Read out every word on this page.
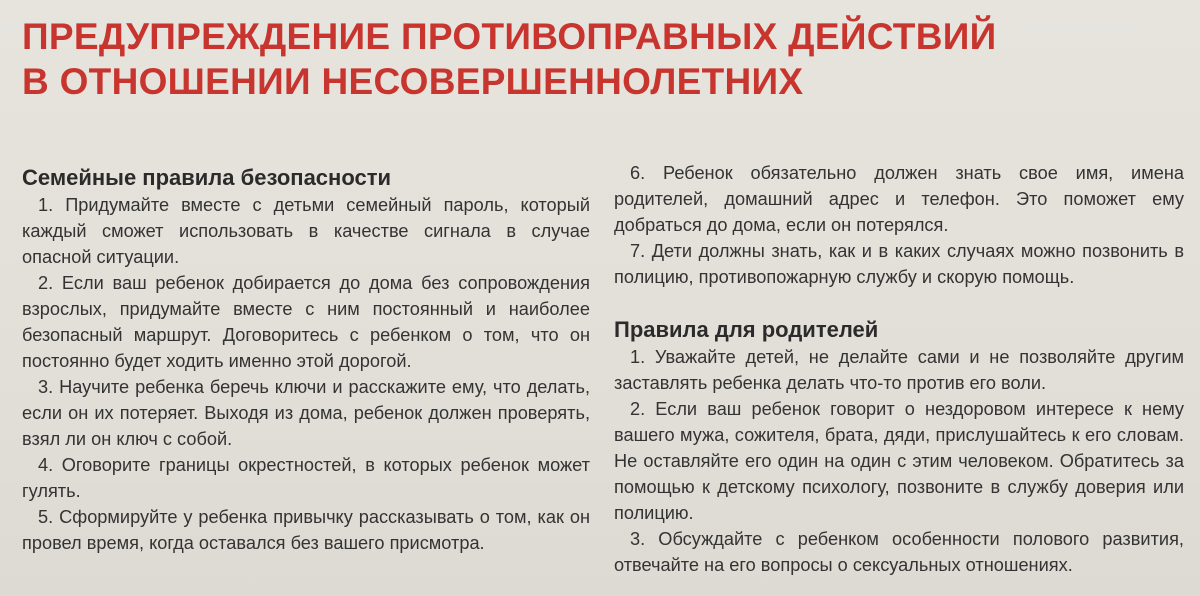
ПРЕДУПРЕЖДЕНИЕ ПРОТИВОПРАВНЫХ ДЕЙСТВИЙ
В ОТНОШЕНИИ НЕСОВЕРШЕННОЛЕТНИХ
Семейные правила безопасности

1. Придумайте вместе с детьми семейный пароль, который каждый сможет использовать в качестве сигнала в случае опасной ситуации.

2. Если ваш ребенок добирается до дома без сопровождения взрослых, придумайте вместе с ним постоянный и наиболее безопасный маршрут. Договоритесь с ребенком о том, что он постоянно будет ходить именно этой дорогой.

3. Научите ребенка беречь ключи и расскажите ему, что делать, если он их потеряет. Выходя из дома, ребенок должен проверять, взял ли он ключ с собой.

4. Оговорите границы окрестностей, в которых ребенок может гулять.

5. Сформируйте у ребенка привычку рассказывать о том, как он провел время, когда оставался без вашего присмотра.

6. Ребенок обязательно должен знать свое имя, имена родителей, домашний адрес и телефон. Это поможет ему добраться до дома, если он потерялся.

7. Дети должны знать, как и в каких случаях можно позвонить в полицию, противопожарную службу и скорую помощь.

Правила для родителей

1. Уважайте детей, не делайте сами и не позволяйте другим заставлять ребенка делать что-то против его воли.

2. Если ваш ребенок говорит о нездоровом интересе к нему вашего мужа, сожителя, брата, дяди, прислушайтесь к его словам. Не оставляйте его один на один с этим человеком. Обратитесь за помощью к детскому психологу, позвоните в службу доверия или полицию.

3. Обсуждайте с ребенком особенности полового развития, отвечайте на его вопросы о сексуальных отношениях.
